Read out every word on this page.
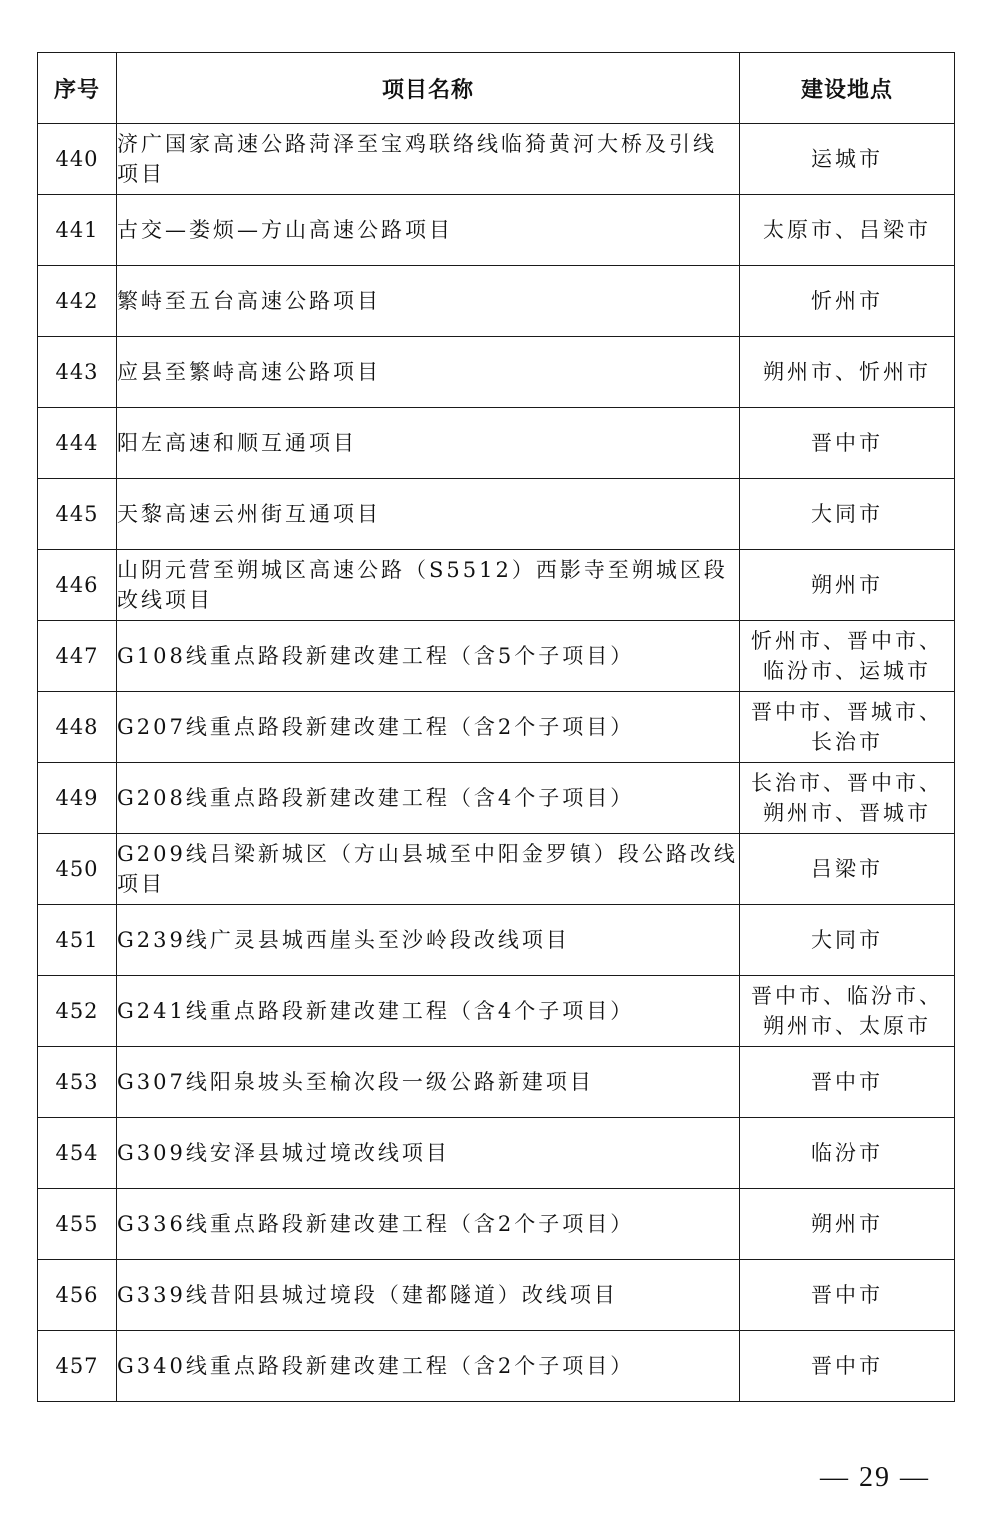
序号	项目名称	建设地点
440	济广国家高速公路菏泽至宝鸡联络线临猗黄河大桥及引线项目	运城市
441	古交—娄烦—方山高速公路项目	太原市、吕梁市
442	繁峙至五台高速公路项目	忻州市
443	应县至繁峙高速公路项目	朔州市、忻州市
444	阳左高速和顺互通项目	晋中市
445	天黎高速云州街互通项目	大同市
446	山阴元营至朔城区高速公路（S5512）西影寺至朔城区段改线项目	朔州市
447	G108线重点路段新建改建工程（含5个子项目）	忻州市、晋中市、临汾市、运城市
448	G207线重点路段新建改建工程（含2个子项目）	晋中市、晋城市、长治市
449	G208线重点路段新建改建工程（含4个子项目）	长治市、晋中市、朔州市、晋城市
450	G209线吕梁新城区（方山县城至中阳金罗镇）段公路改线项目	吕梁市
451	G239线广灵县城西崖头至沙岭段改线项目	大同市
452	G241线重点路段新建改建工程（含4个子项目）	晋中市、临汾市、朔州市、太原市
453	G307线阳泉坡头至榆次段一级公路新建项目	晋中市
454	G309线安泽县城过境改线项目	临汾市
455	G336线重点路段新建改建工程（含2个子项目）	朔州市
456	G339线昔阳县城过境段（建都隧道）改线项目	晋中市
457	G340线重点路段新建改建工程（含2个子项目）	晋中市
— 29 —
